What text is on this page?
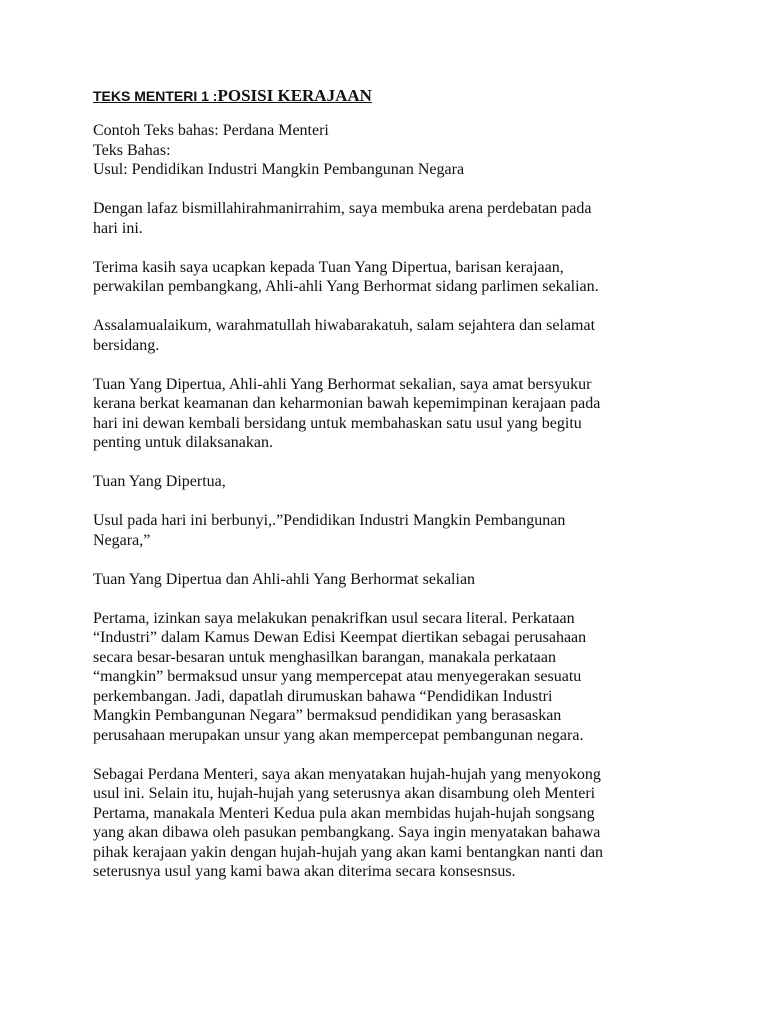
TEKS MENTERI 1 :POSISI KERAJAAN
Contoh Teks bahas: Perdana Menteri
Teks Bahas:
Usul: Pendidikan Industri Mangkin Pembangunan Negara
Dengan lafaz bismillahirahmanirrahim, saya membuka arena perdebatan pada
hari ini.
Terima kasih saya ucapkan kepada Tuan Yang Dipertua, barisan kerajaan,
perwakilan pembangkang, Ahli-ahli Yang Berhormat sidang parlimen sekalian.
Assalamualaikum, warahmatullah hiwabarakatuh, salam sejahtera dan selamat
bersidang.
Tuan Yang Dipertua, Ahli-ahli Yang Berhormat sekalian, saya amat bersyukur
kerana berkat keamanan dan keharmonian bawah kepemimpinan kerajaan pada
hari ini dewan kembali bersidang untuk membahaskan satu usul yang begitu
penting untuk dilaksanakan.
Tuan Yang Dipertua,
Usul pada hari ini berbunyi,.”Pendidikan Industri Mangkin Pembangunan
Negara,”
Tuan Yang Dipertua dan Ahli-ahli Yang Berhormat sekalian
Pertama, izinkan saya melakukan penakrifkan usul secara literal. Perkataan
“Industri” dalam Kamus Dewan Edisi Keempat diertikan sebagai perusahaan
secara besar-besaran untuk menghasilkan barangan, manakala perkataan
“mangkin” bermaksud unsur yang mempercepat atau menyegerakan sesuatu
perkembangan. Jadi, dapatlah dirumuskan bahawa “Pendidikan Industri
Mangkin Pembangunan Negara” bermaksud pendidikan yang berasaskan
perusahaan merupakan unsur yang akan mempercepat pembangunan negara.
Sebagai Perdana Menteri, saya akan menyatakan hujah-hujah yang menyokong
usul ini. Selain itu, hujah-hujah yang seterusnya akan disambung oleh Menteri
Pertama, manakala Menteri Kedua pula akan membidas hujah-hujah songsang
yang akan dibawa oleh pasukan pembangkang. Saya ingin menyatakan bahawa
pihak kerajaan yakin dengan hujah-hujah yang akan kami bentangkan nanti dan
seterusnya usul yang kami bawa akan diterima secara konsesnsus.
